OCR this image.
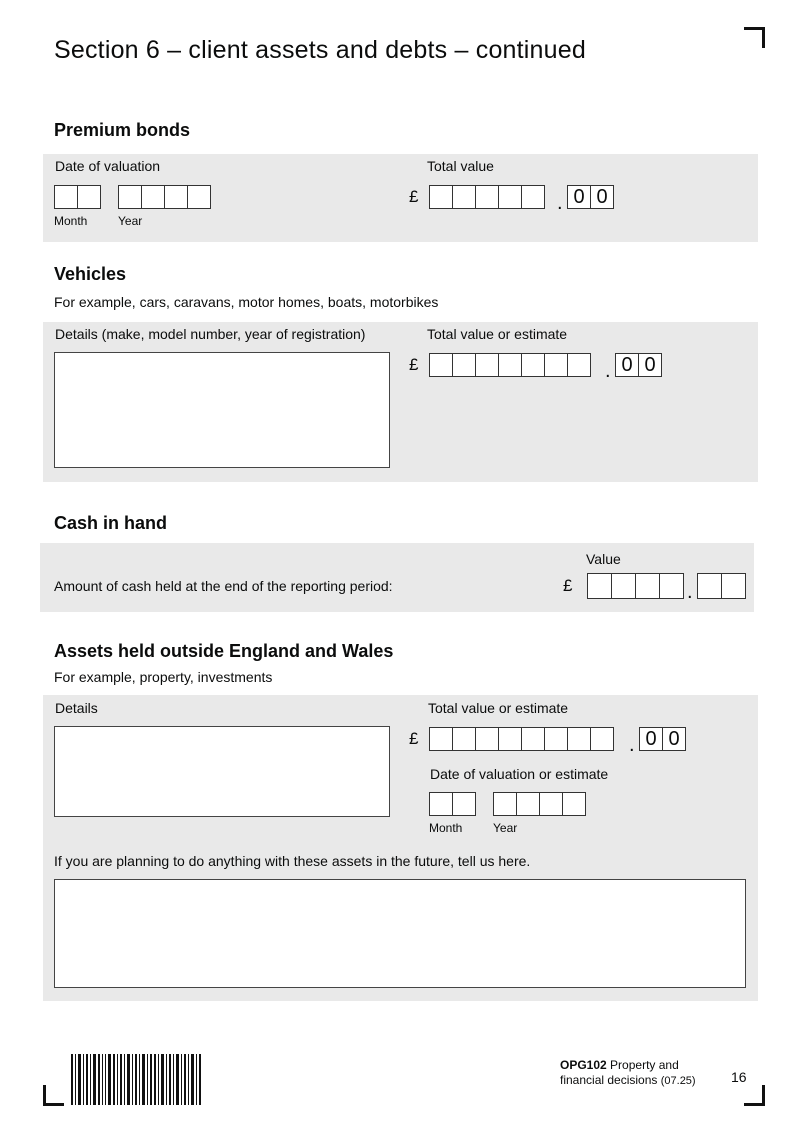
Section 6 – client assets and debts – continued
Premium bonds
Date of valuation
Month	Year
Total value
£	. 0 0
Vehicles
For example, cars, caravans, motor homes, boats, motorbikes
Details (make, model number, year of registration)	Total value or estimate
£	. 0 0
Cash in hand
Value
Amount of cash held at the end of the reporting period:	£	.
Assets held outside England and Wales
For example, property, investments
Details	Total value or estimate
£	. 0 0
Date of valuation or estimate
Month	Year
If you are planning to do anything with these assets in the future, tell us here.
OPG102 Property and
financial decisions (07.25)	16
